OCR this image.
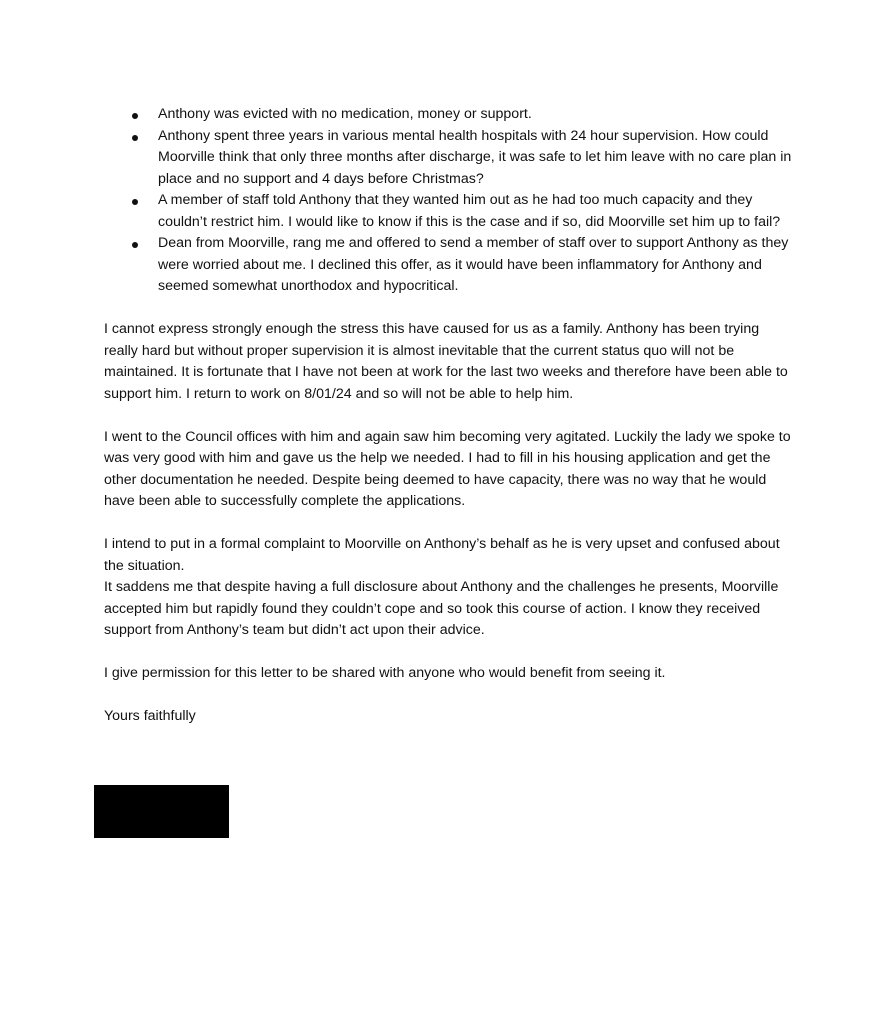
Anthony was evicted with no medication, money or support.
Anthony spent three years in various mental health hospitals with 24 hour supervision. How could Moorville think that only three months after discharge, it was safe to let him leave with no care plan in place and no support and 4 days before Christmas?
A member of staff told Anthony that they wanted him out as he had too much capacity and they couldn’t restrict him. I would like to know if this is the case and if so, did Moorville set him up to fail?
Dean from Moorville, rang me and offered to send a member of staff over to support Anthony as they were worried about me. I declined this offer, as it would have been inflammatory for Anthony and seemed somewhat unorthodox and hypocritical.

I cannot express strongly enough the stress this have caused for us as a family. Anthony has been trying really hard but without proper supervision it is almost inevitable that the current status quo will not be maintained. It is fortunate that I have not been at work for the last two weeks and therefore have been able to support him. I return to work on 8/01/24 and so will not be able to help him.

I went to the Council offices with him and again saw him becoming very agitated. Luckily the lady we spoke to was very good with him and gave us the help we needed. I had to fill in his housing application and get the other documentation he needed. Despite being deemed to have capacity, there was no way that he would have been able to successfully complete the applications.

I intend to put in a formal complaint to Moorville on Anthony’s behalf as he is very upset and confused about the situation.

It saddens me that despite having a full disclosure about Anthony and the challenges he presents, Moorville accepted him but rapidly found they couldn’t cope and so took this course of action. I know they received support from Anthony’s team but didn’t act upon their advice.

I give permission for this letter to be shared with anyone who would benefit from seeing it.

Yours faithfully
